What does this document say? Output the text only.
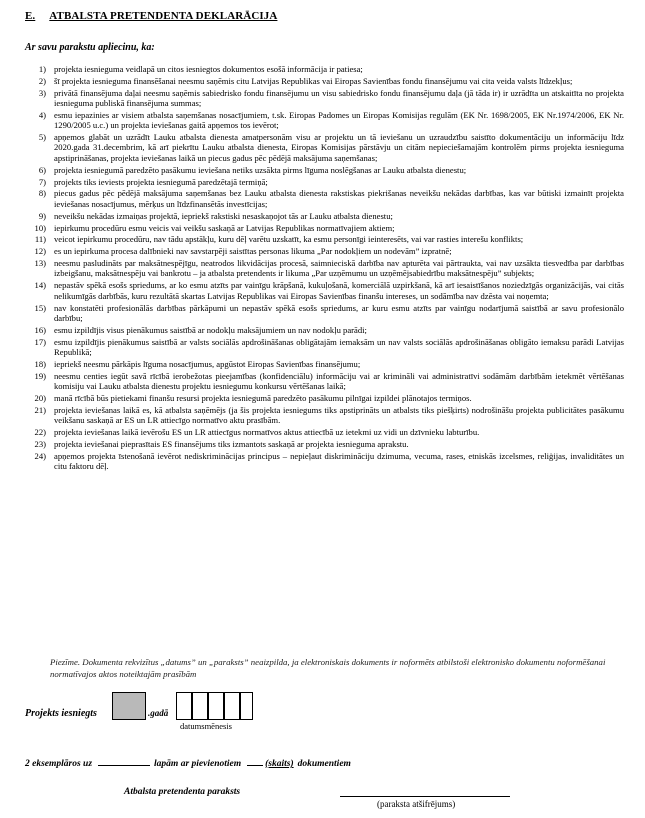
E. ATBALSTA PRETENDENTA DEKLARĀCIJA
Ar savu parakstu apliecinu, ka:
1) projekta iesnieguma veidlapā un citos iesniegtos dokumentos esošā informācija ir patiesa;
2) šī projekta iesnieguma finansēšanai neesmu saņēmis citu Latvijas Republikas vai Eiropas Savienības fondu finansējumu vai cita veida valsts līdzekļus;
3) privātā finansējuma daļai neesmu saņēmis sabiedrisko fondu finansējumu un visu sabiedrisko fondu finansējumu daļa (jā tāda ir) ir uzrādīta un atskaitīta no projekta iesnieguma publiskā finansējuma summas;
4) esmu iepazinies ar visiem atbalsta saņemšanas nosacījumiem, t.sk. Eiropas Padomes un Eiropas Komisijas regulām (EK Nr. 1698/2005, EK Nr.1974/2006, EK Nr. 1290/2005 u.c.) un projekta ieviešanas gaitā apņemos tos ievērot;
5) apņemos glabāt un uzrādīt Lauku atbalsta dienesta amatpersonām visu ar projektu un tā ieviešanu un uzraudzību saistīto dokumentāciju un informāciju līdz 2020.gada 31.decembrim, kā arī piekrītu Lauku atbalsta dienesta, Eiropas Komisijas pārstāvju un citām nepieciešamajām kontrolēm pirms projekta iesnieguma apstiprināšanas, projekta ieviešanas laikā un piecus gadus pēc pēdējā maksājuma saņemšanas;
6) projekta iesniegumā paredzēto pasākumu ieviešana netiks uzsākta pirms līguma noslēgšanas ar Lauku atbalsta dienestu;
7) projekts tiks ieviests projekta iesniegumā paredzētajā termiņā;
8) piecus gadus pēc pēdējā maksājuma saņemšanas bez Lauku atbalsta dienesta rakstiskas piekrišanas neveikšu nekādas darbības, kas var būtiski izmainīt projekta ieviešanas nosacījumus, mērķus un līdzfinansētās investīcijas;
9) neveikšu nekādas izmaiņas projektā, iepriekš rakstiski nesaskaņojot tās ar Lauku atbalsta dienestu;
10) iepirkumu procedūru esmu veicis vai veikšu saskaņā ar Latvijas Republikas normatīvajiem aktiem;
11) veicot iepirkumu procedūru, nav tādu apstākļu, kuru dēļ varētu uzskatīt, ka esmu personīgi ieinteresēts, vai var rasties interešu konflikts;
12) es un iepirkuma procesa dalībnieki nav savstarpēji saistītas personas likuma „Par nodokļiem un nodevām” izpratnē;
13) neesmu pasludināts par maksātnespējīgu, neatrodos likvidācijas procesā, saimnieciskā darbība nav apturēta vai pārtraukta, vai nav uzsākta tiesvedība par darbības izbeigšanu, maksātnespēju vai bankrotu – ja atbalsta pretendents ir likuma „Par uzņēmumu un uzņēmējsabiedrību maksātnespēju” subjekts;
14) nepastāv spēkā esošs spriedums, ar ko esmu atzīts par vainīgu krāpšanā, kukuļošanā, komerciālā uzpirkšanā, kā arī iesaistīšanos noziedzīgās organizācijās, vai citās nelikumīgās darbībās, kuru rezultātā skartas Latvijas Republikas vai Eiropas Savienības finanšu intereses, un sodāmība nav dzēsta vai noņemta;
15) nav konstatēti profesionālās darbības pārkāpumi un nepastāv spēkā esošs spriedums, ar kuru esmu atzīts par vainīgu nodarījumā saistībā ar savu profesionālo darbību;
16) esmu izpildījis visus pienākumus saistībā ar nodokļu maksājumiem un nav nodokļu parādi;
17) esmu izpildījis pienākumus saistībā ar valsts sociālās apdrošināšanas obligātajām iemaksām un nav valsts sociālās apdrošināšanas obligāto iemaksu parādi Latvijas Republikā;
18) iepriekš neesmu pārkāpis līguma nosacījumus, apgūstot Eiropas Savienības finansējumu;
19) neesmu centies iegūt savā rīcībā ierobežotas pieejamības (konfidenciālu) informāciju vai ar krimināli vai administratīvi sodāmām darbībām ietekmēt vērtēšanas komisiju vai Lauku atbalsta dienestu projektu iesniegumu konkursu vērtēšanas laikā;
20) manā rīcībā būs pietiekami finanšu resursi projekta iesniegumā paredzēto pasākumu pilnīgai izpildei plānotajos termiņos.
21) projekta ieviešanas laikā es, kā atbalsta saņēmējs (ja šis projekta iesniegums tiks apstiprināts un atbalsts tiks piešķirts) nodrošināšu projekta publicitātes pasākumu veikšanu saskaņā ar ES un LR attiecīgo normatīvo aktu prasībām.
22) projekta ieviešanas laikā ievērošu ES un LR attiecīgus normatīvos aktus attiecībā uz ietekmi uz vidi un dzīvnieku labturību.
23) projekta ieviešanai pieprasītais ES finansējums tiks izmantots saskaņā ar projekta iesnieguma aprakstu.
24) apņemos projekta īstenošanā ievērot nediskriminācijas principus – nepieļaut diskrimināciju dzimuma, vecuma, rases, etniskās izcelsmes, reliģijas, invaliditātes un citu faktoru dēļ.
Piezīme. Dokumenta rekvizītus „datums” un „paraksts” neaizpilda, ja elektroniskais dokuments ir noformēts atbilstoši elektronisko dokumentu noformēšanai normatīvajos aktos noteiktajām prasībām
Projekts iesniegts	.gadā
datumsmēnesis
2 eksemplāros uz	lapām ar pievienotiem	(skaits) dokumentiem
Atbalsta pretendenta paraksts
(paraksta atšifrējums)
